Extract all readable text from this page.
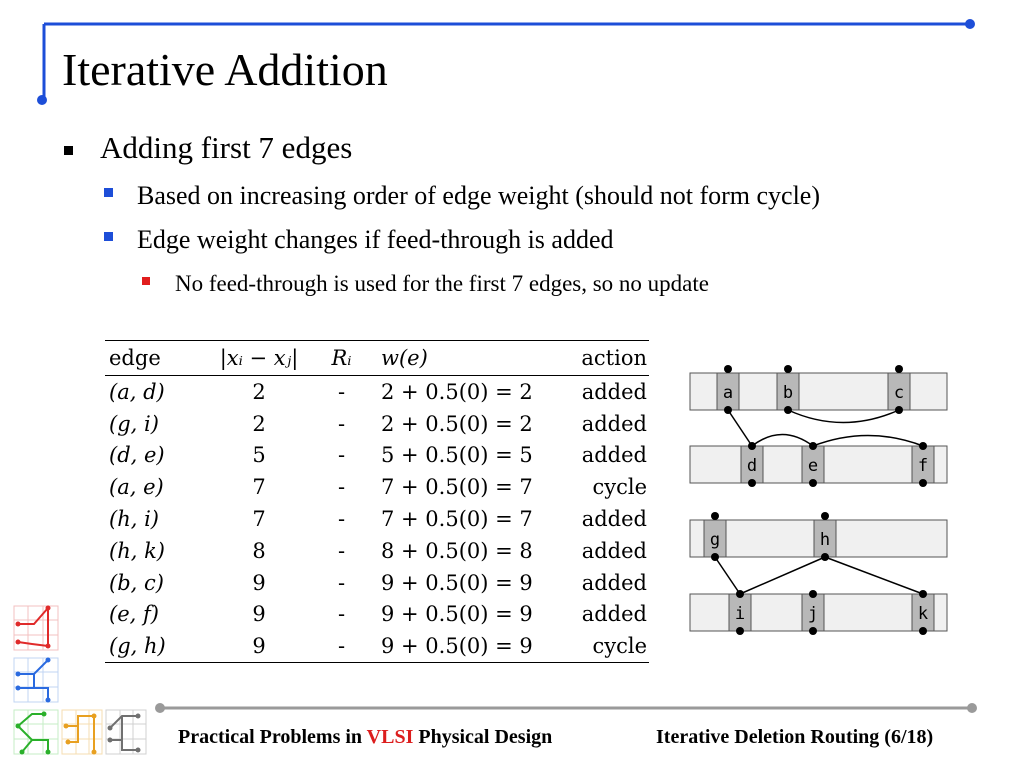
Iterative Addition
Adding first 7 edges
Based on increasing order of edge weight (should not form cycle)
Edge weight changes if feed-through is added
No feed-through is used for the first 7 edges, so no update
edge	|xᵢ − xⱼ|	Rᵢ	w(e)	action
(a, d)	2	-	2 + 0.5(0) = 2	added
(g, i)	2	-	2 + 0.5(0) = 2	added
(d, e)	5	-	5 + 0.5(0) = 5	added
(a, e)	7	-	7 + 0.5(0) = 7	cycle
(h, i)	7	-	7 + 0.5(0) = 7	added
(h, k)	8	-	8 + 0.5(0) = 8	added
(b, c)	9	-	9 + 0.5(0) = 9	added
(e, f)	9	-	9 + 0.5(0) = 9	added
(g, h)	9	-	9 + 0.5(0) = 9	cycle
a	b	c
d	e	f
g	h
i	j	k
Practical Problems in VLSI Physical Design	Iterative Deletion Routing (6/18)
